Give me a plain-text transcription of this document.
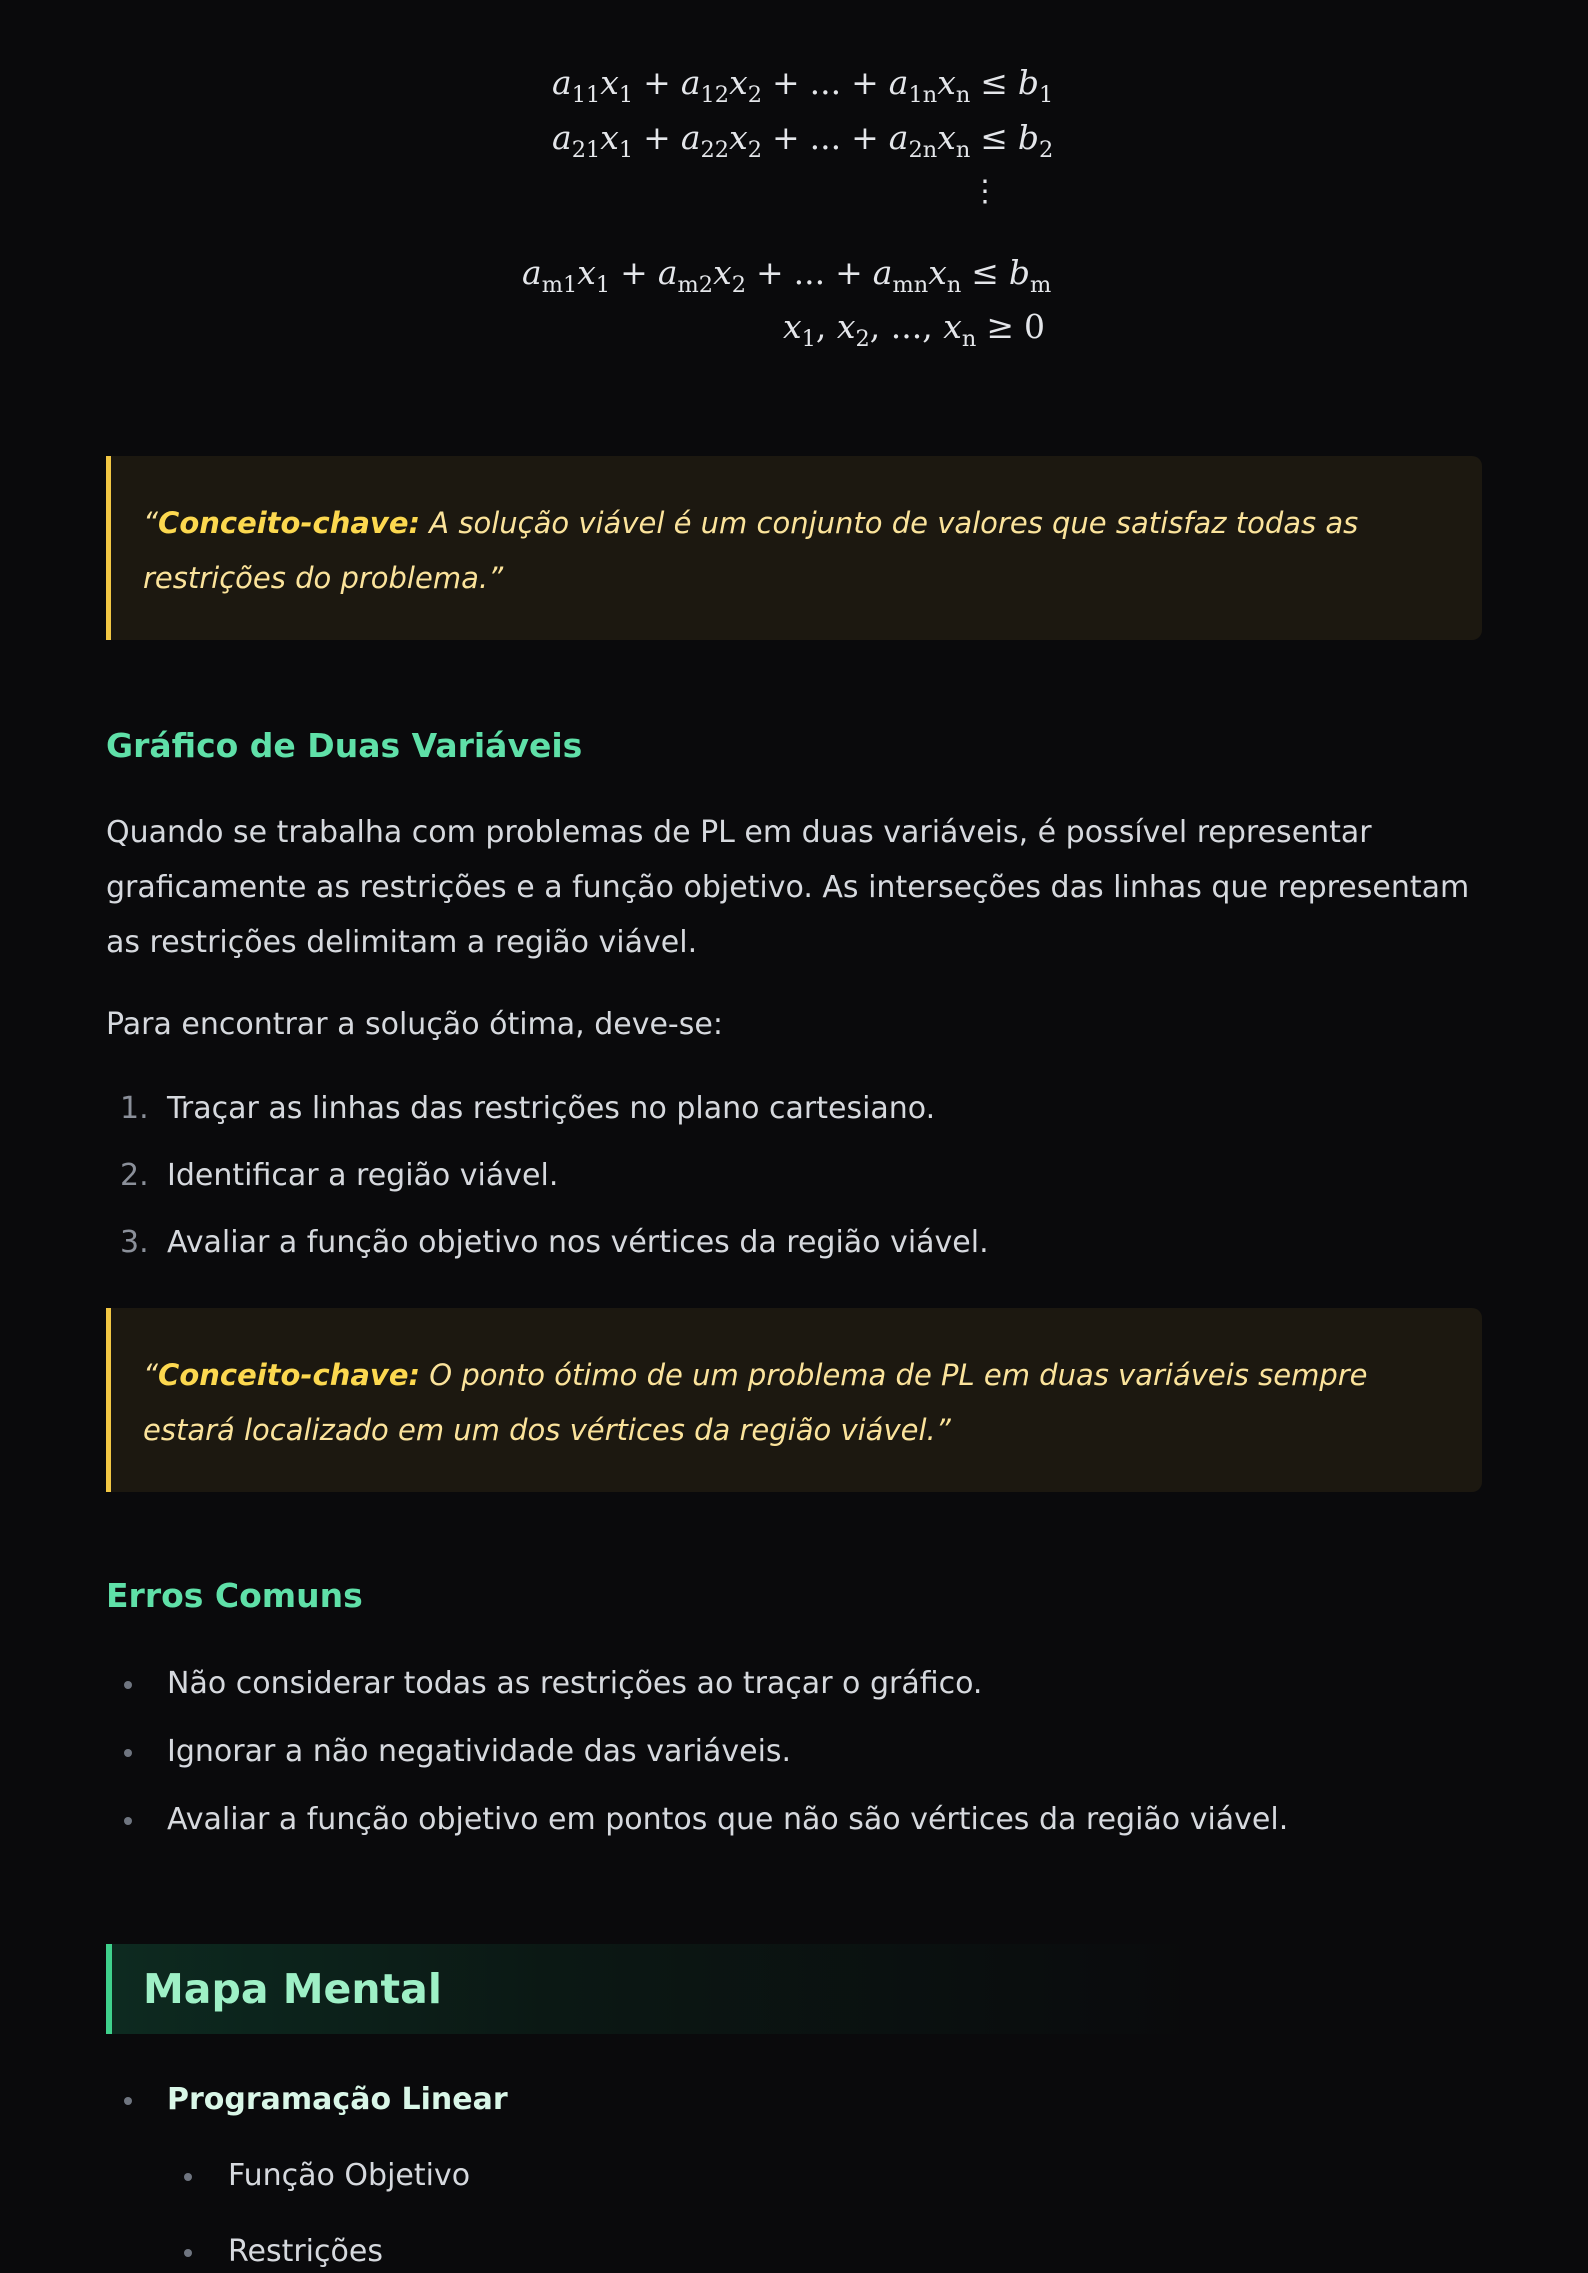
$a_{11}x_1 + a_{12}x_2$ + ... + $a_{1n}x_n \le b_1$
$a_{21}x_1 + a_{22}x_2$ + ... + $a_{2n}x_n \le b_2$
⋮
$a_{m1}x_1 + a_{m2}x_2$ + ... + $a_{mn}x_n \le b_m$
$x_1$, $x_2$, ..., $x_n \ge 0$
“Conceito-chave: A solução viável é um conjunto de valores que satisfaz todas as restrições do problema.”
Gráfico de Duas Variáveis

Quando se trabalha com problemas de PL em duas variáveis, é possível representar graficamente as restrições e a função objetivo. As interseções das linhas que representam as restrições delimitam a região viável.

Para encontrar a solução ótima, deve-se:

1. Traçar as linhas das restrições no plano cartesiano.
2. Identificar a região viável.
3. Avaliar a função objetivo nos vértices da região viável.
“Conceito-chave: O ponto ótimo de um problema de PL em duas variáveis sempre estará localizado em um dos vértices da região viável.”
Erros Comuns
Não considerar todas as restrições ao traçar o gráfico.
Ignorar a não negatividade das variáveis.
Avaliar a função objetivo em pontos que não são vértices da região viável.
Mapa Mental
Programação Linear
Função Objetivo
Restrições
